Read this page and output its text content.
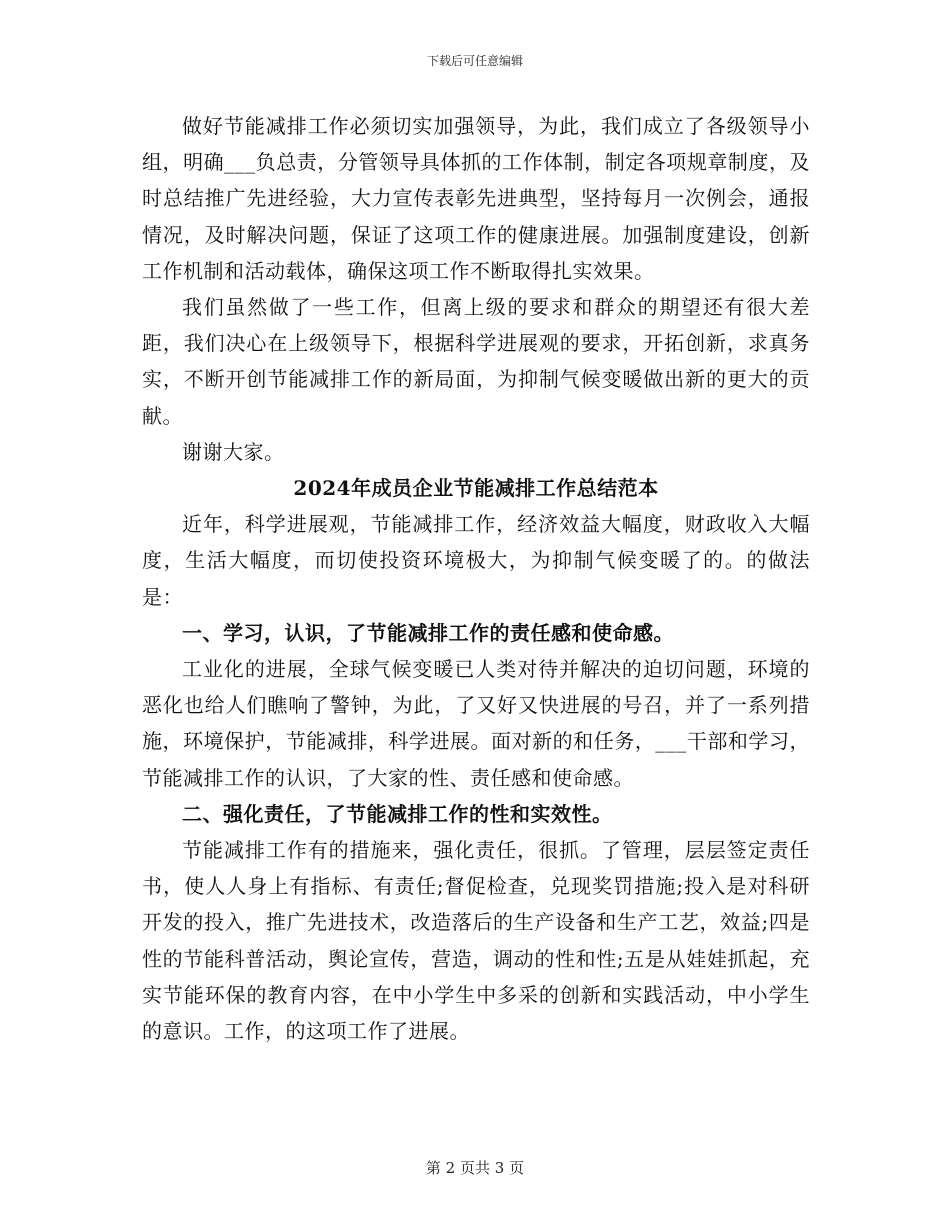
下载后可任意编辑

做好节能减排工作必须切实加强领导，为此，我们成立了各级领导小组，明确___负总责，分管领导具体抓的工作体制，制定各项规章制度，及时总结推广先进经验，大力宣传表彰先进典型，坚持每月一次例会，通报情况，及时解决问题，保证了这项工作的健康进展。加强制度建设，创新工作机制和活动载体，确保这项工作不断取得扎实效果。

我们虽然做了一些工作，但离上级的要求和群众的期望还有很大差距，我们决心在上级领导下，根据科学进展观的要求，开拓创新，求真务实，不断开创节能减排工作的新局面，为抑制气候变暖做出新的更大的贡献。

谢谢大家。

2024年成员企业节能减排工作总结范本

近年，科学进展观，节能减排工作，经济效益大幅度，财政收入大幅度，生活大幅度，而切使投资环境极大，为抑制气候变暖了的。的做法是：

一、学习，认识，了节能减排工作的责任感和使命感。

工业化的进展，全球气候变暖已人类对待并解决的迫切问题，环境的恶化也给人们瞧响了警钟，为此，了又好又快进展的号召，并了一系列措施，环境保护，节能减排，科学进展。面对新的和任务，___干部和学习，节能减排工作的认识，了大家的性、责任感和使命感。

二、强化责任，了节能减排工作的性和实效性。

节能减排工作有的措施来，强化责任，很抓。了管理，层层签定责任书，使人人身上有指标、有责任;督促检查，兑现奖罚措施;投入是对科研开发的投入，推广先进技术，改造落后的生产设备和生产工艺，效益;四是性的节能科普活动，舆论宣传，营造，调动的性和性;五是从娃娃抓起，充实节能环保的教育内容，在中小学生中多采的创新和实践活动，中小学生的意识。工作，的这项工作了进展。

第 2 页共 3 页
